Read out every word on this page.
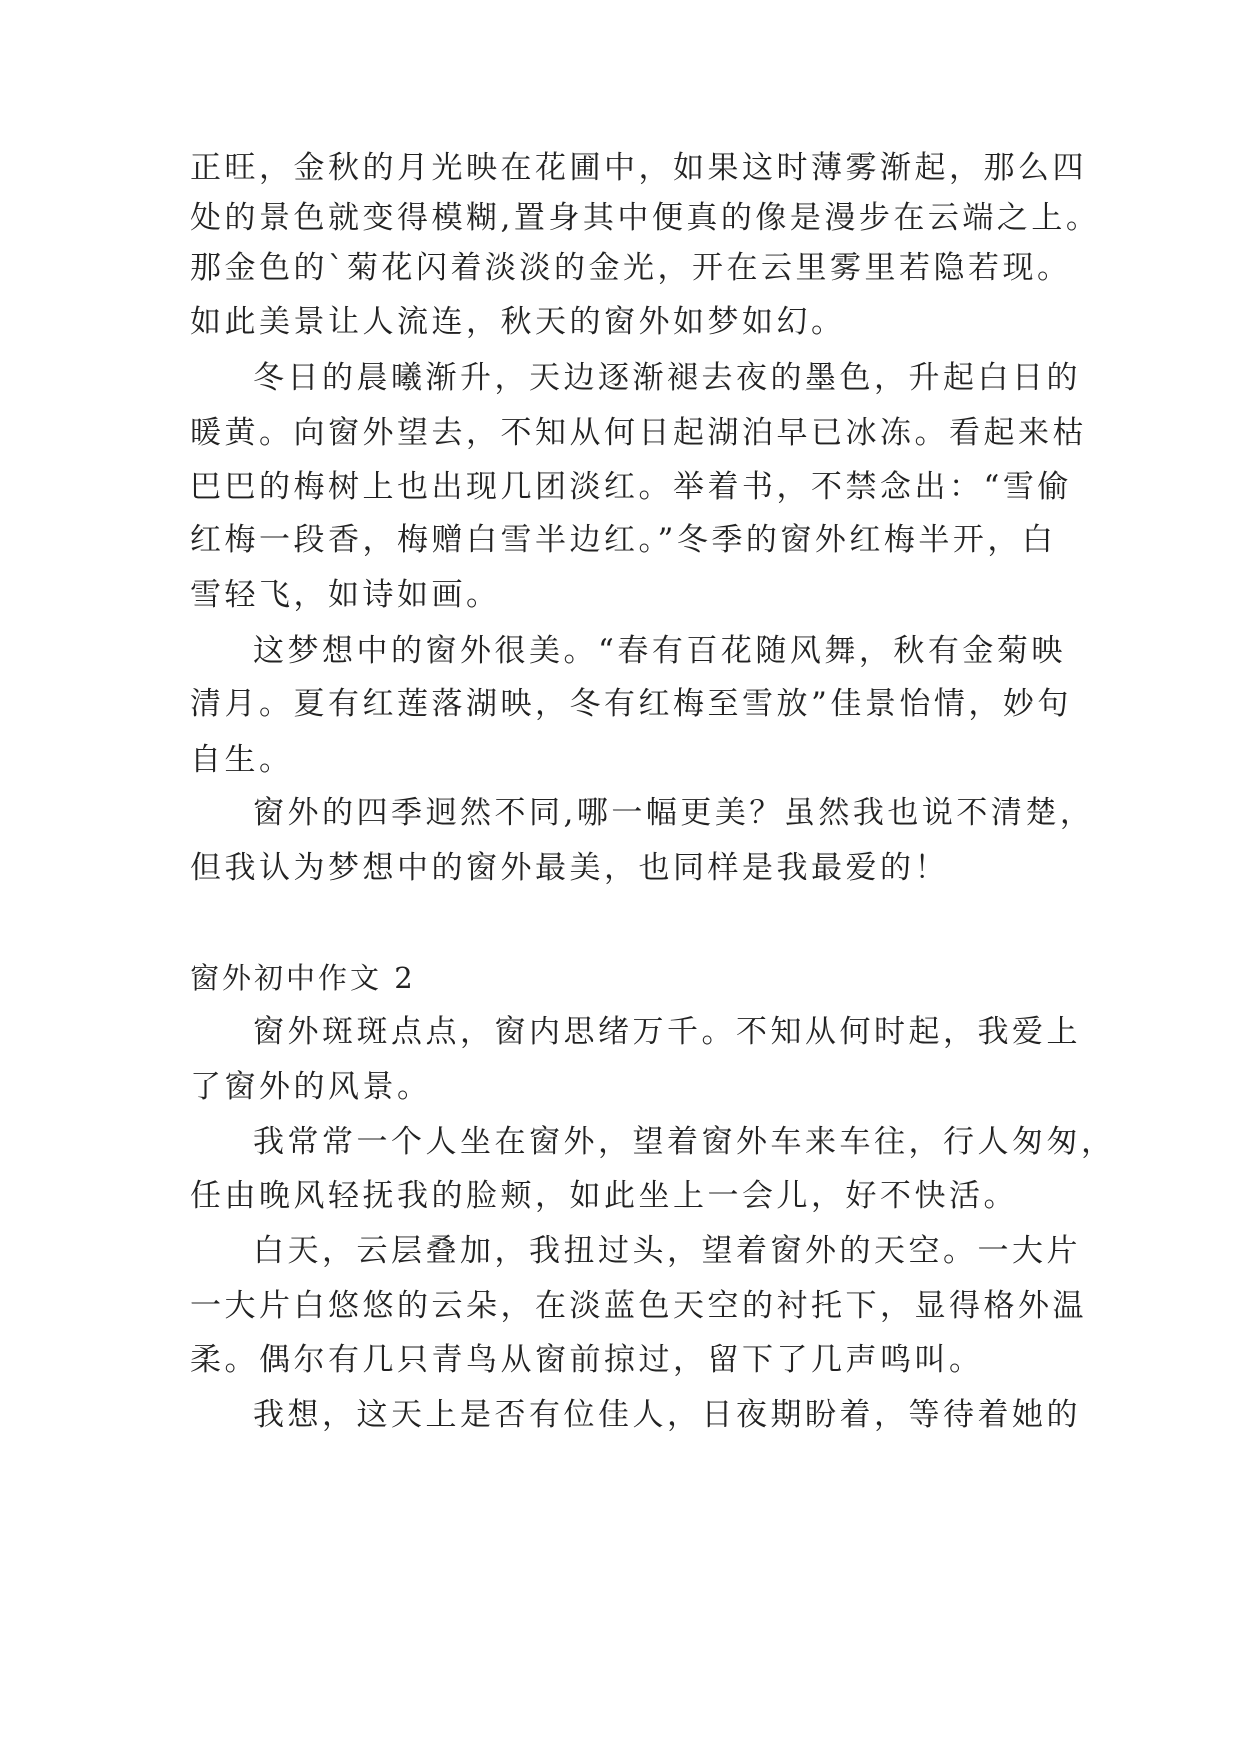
正旺，金秋的月光映在花圃中，如果这时薄雾渐起，那么四
处的景色就变得模糊,置身其中便真的像是漫步在云端之上。
那金色的`菊花闪着淡淡的金光，开在云里雾里若隐若现。
如此美景让人流连，秋天的窗外如梦如幻。
冬日的晨曦渐升，天边逐渐褪去夜的墨色，升起白日的
暖黄。向窗外望去，不知从何日起湖泊早已冰冻。看起来枯
巴巴的梅树上也出现几团淡红。举着书，不禁念出：“雪偷
红梅一段香，梅赠白雪半边红。”冬季的窗外红梅半开，白
雪轻飞，如诗如画。
这梦想中的窗外很美。“春有百花随风舞，秋有金菊映
清月。夏有红莲落湖映，冬有红梅至雪放”佳景怡情，妙句
自生。
窗外的四季迥然不同,哪一幅更美？虽然我也说不清楚，
但我认为梦想中的窗外最美，也同样是我最爱的！
窗外初中作文 2
窗外斑斑点点，窗内思绪万千。不知从何时起，我爱上
了窗外的风景。
我常常一个人坐在窗外，望着窗外车来车往，行人匆匆，
任由晚风轻抚我的脸颊，如此坐上一会儿，好不快活。
白天，云层叠加，我扭过头，望着窗外的天空。一大片
一大片白悠悠的云朵，在淡蓝色天空的衬托下，显得格外温
柔。偶尔有几只青鸟从窗前掠过，留下了几声鸣叫。
我想，这天上是否有位佳人，日夜期盼着，等待着她的
